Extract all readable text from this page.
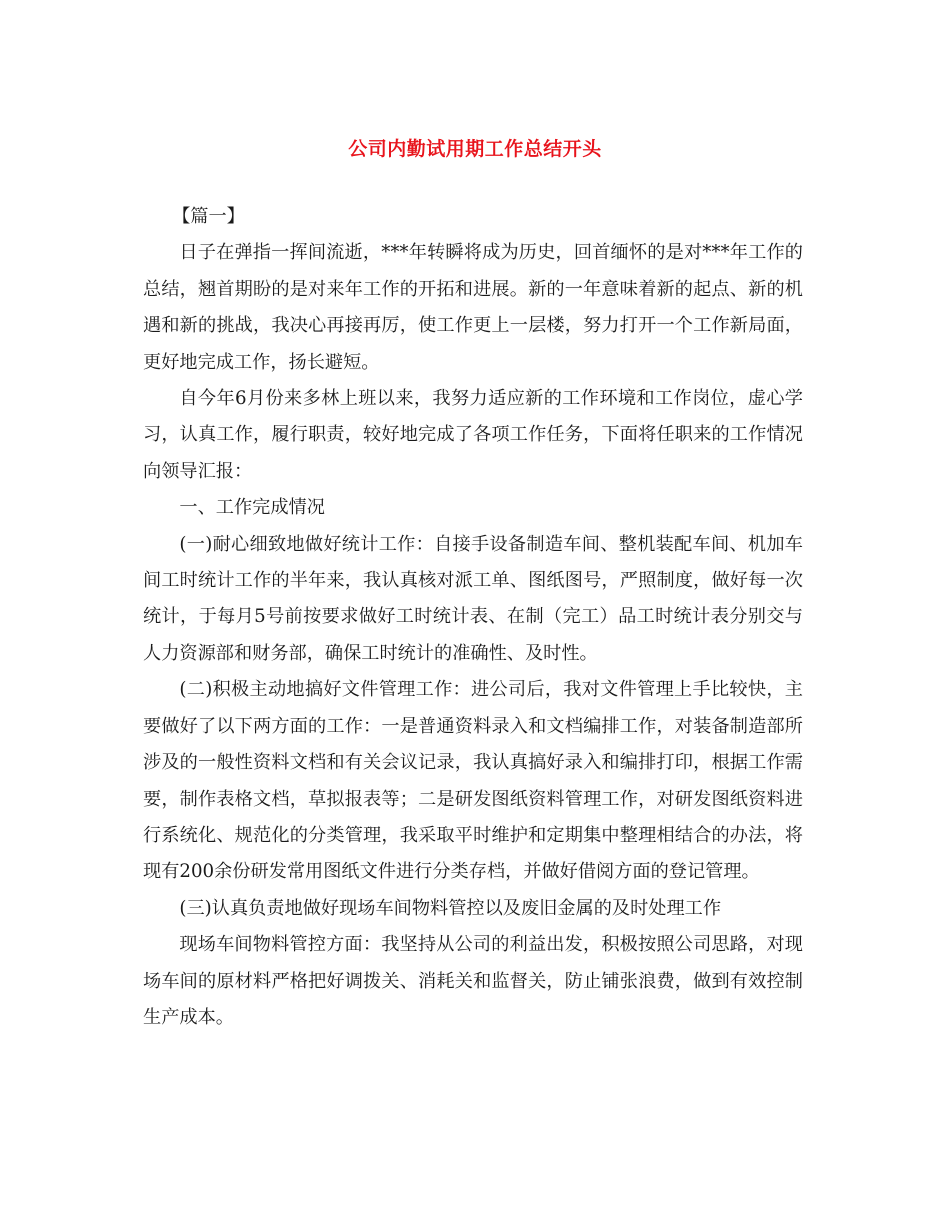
公司内勤试用期工作总结开头

【篇一】

日子在弹指一挥间流逝，***年转瞬将成为历史，回首缅怀的是对***年工作的总结，翘首期盼的是对来年工作的开拓和进展。新的一年意味着新的起点、新的机遇和新的挑战，我决心再接再厉，使工作更上一层楼，努力打开一个工作新局面，更好地完成工作，扬长避短。

自今年6月份来多林上班以来，我努力适应新的工作环境和工作岗位，虚心学习，认真工作，履行职责，较好地完成了各项工作任务，下面将任职来的工作情况向领导汇报：

一、工作完成情况

(一)耐心细致地做好统计工作：自接手设备制造车间、整机装配车间、机加车间工时统计工作的半年来，我认真核对派工单、图纸图号，严照制度，做好每一次统计，于每月5号前按要求做好工时统计表、在制（完工）品工时统计表分别交与人力资源部和财务部，确保工时统计的准确性、及时性。

(二)积极主动地搞好文件管理工作：进公司后，我对文件管理上手比较快，主要做好了以下两方面的工作：一是普通资料录入和文档编排工作，对装备制造部所涉及的一般性资料文档和有关会议记录，我认真搞好录入和编排打印，根据工作需要，制作表格文档，草拟报表等；二是研发图纸资料管理工作，对研发图纸资料进行系统化、规范化的分类管理，我采取平时维护和定期集中整理相结合的办法，将现有200余份研发常用图纸文件进行分类存档，并做好借阅方面的登记管理。

(三)认真负责地做好现场车间物料管控以及废旧金属的及时处理工作

现场车间物料管控方面：我坚持从公司的利益出发，积极按照公司思路，对现场车间的原材料严格把好调拨关、消耗关和监督关，防止铺张浪费，做到有效控制生产成本。
